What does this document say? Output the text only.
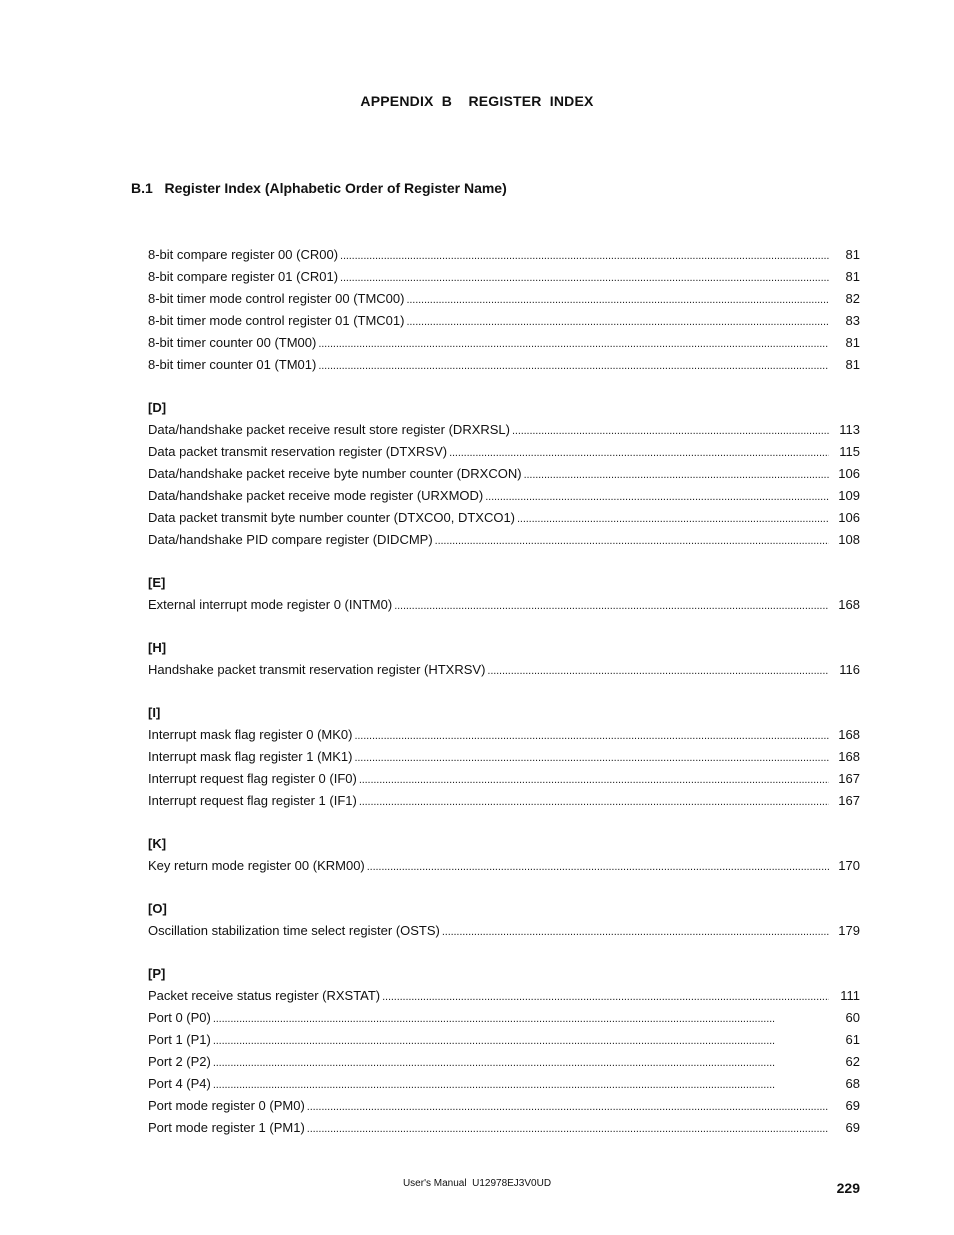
APPENDIX  B    REGISTER  INDEX
B.1   Register Index (Alphabetic Order of Register Name)
8-bit compare register 00 (CR00) . . .	81
8-bit compare register 01 (CR01) . . .	81
8-bit timer mode control register 00 (TMC00) . . .	82
8-bit timer mode control register 01 (TMC01) . . .	83
8-bit timer counter 00 (TM00) . . .	81
8-bit timer counter 01 (TM01) . . .	81
[D]
Data/handshake packet receive result store register (DRXRSL) . . .	113
Data packet transmit reservation register (DTXRSV) . . .	115
Data/handshake packet receive byte number counter (DRXCON) . . .	106
Data/handshake packet receive mode register (URXMOD) . . .	109
Data packet transmit byte number counter (DTXCO0, DTXCO1) . . .	106
Data/handshake PID compare register (DIDCMP) . . .	108
[E]
External interrupt mode register 0 (INTM0) . . .	168
[H]
Handshake packet transmit reservation register (HTXRSV) . . .	116
[I]
Interrupt mask flag register 0 (MK0) . . .	168
Interrupt mask flag register 1 (MK1) . . .	168
Interrupt request flag register 0 (IF0) . . .	167
Interrupt request flag register 1 (IF1) . . .	167
[K]
Key return mode register 00 (KRM00) . . .	170
[O]
Oscillation stabilization time select register (OSTS) . . .	179
[P]
Packet receive status register (RXSTAT) . . .	111
Port 0 (P0) . . .	60
Port 1 (P1) . . .	61
Port 2 (P2) . . .	62
Port 4 (P4) . . .	68
Port mode register 0 (PM0) . . .	69
Port mode register 1 (PM1) . . .	69
User's Manual  U12978EJ3V0UD	229
